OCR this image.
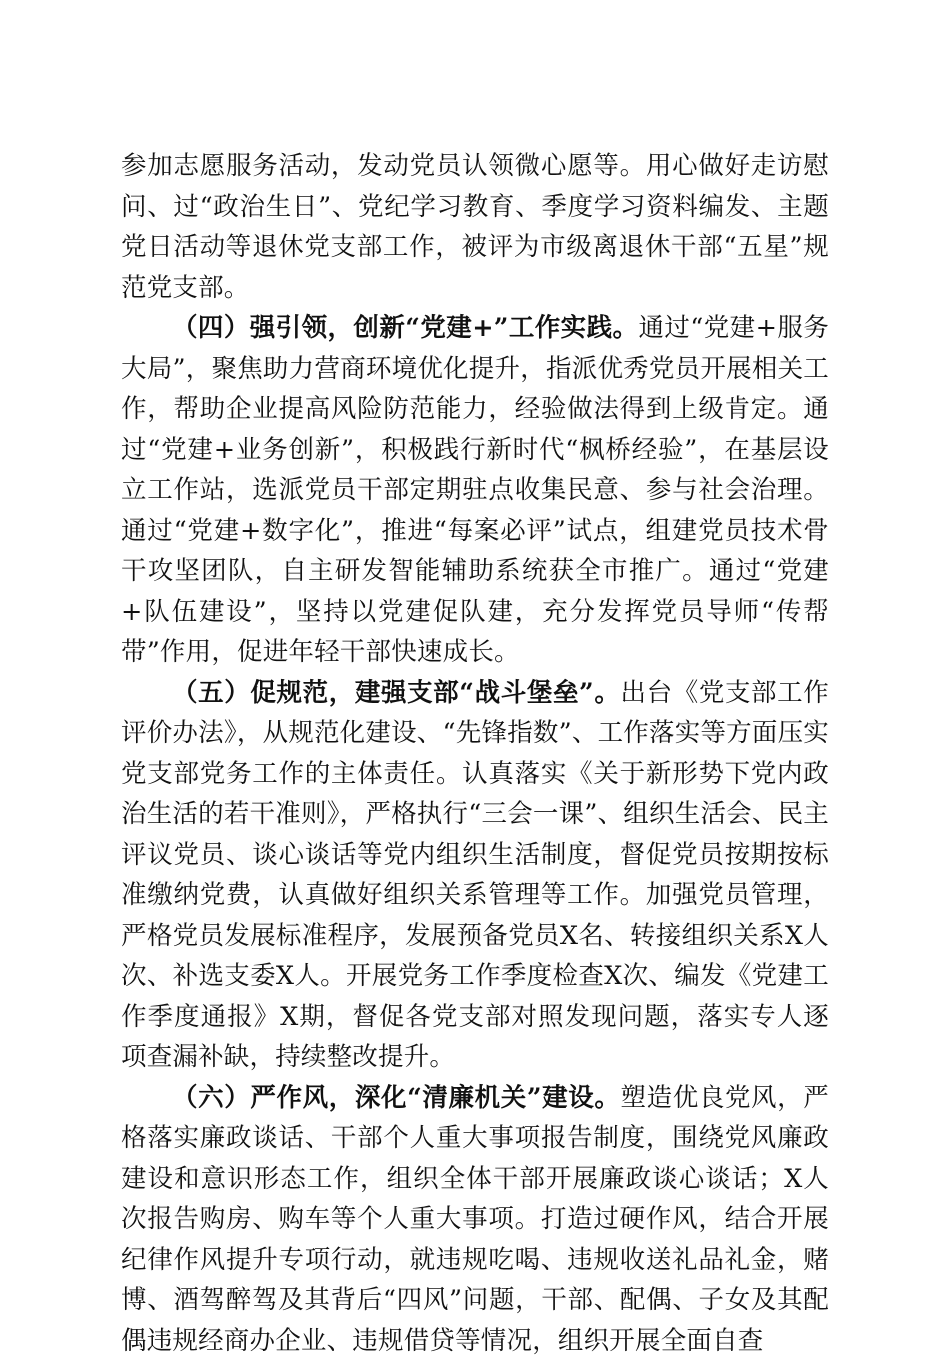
参加志愿服务活动，发动党员认领微心愿等。用心做好走访慰问、过“政治生日”、党纪学习教育、季度学习资料编发、主题党日活动等退休党支部工作，被评为市级离退休干部“五星”规范党支部。

（四）强引领，创新“党建+”工作实践。通过“党建+服务大局”，聚焦助力营商环境优化提升，指派优秀党员开展相关工作，帮助企业提高风险防范能力，经验做法得到上级肯定。通过“党建+业务创新”，积极践行新时代“枫桥经验”，在基层设立工作站，选派党员干部定期驻点收集民意、参与社会治理。通过“党建+数字化”，推进“每案必评”试点，组建党员技术骨干攻坚团队，自主研发智能辅助系统获全市推广。通过“党建+队伍建设”，坚持以党建促队建，充分发挥党员导师“传帮带”作用，促进年轻干部快速成长。

（五）促规范，建强支部“战斗堡垒”。出台《党支部工作评价办法》，从规范化建设、“先锋指数”、工作落实等方面压实党支部党务工作的主体责任。认真落实《关于新形势下党内政治生活的若干准则》，严格执行“三会一课”、组织生活会、民主评议党员、谈心谈话等党内组织生活制度，督促党员按期按标准缴纳党费，认真做好组织关系管理等工作。加强党员管理，严格党员发展标准程序，发展预备党员X名、转接组织关系X人次、补选支委X人。开展党务工作季度检查X次、编发《党建工作季度通报》X期，督促各党支部对照发现问题，落实专人逐项查漏补缺，持续整改提升。

（六）严作风，深化“清廉机关”建设。塑造优良党风，严格落实廉政谈话、干部个人重大事项报告制度，围绕党风廉政建设和意识形态工作，组织全体干部开展廉政谈心谈话；X人次报告购房、购车等个人重大事项。打造过硬作风，结合开展纪律作风提升专项行动，就违规吃喝、违规收送礼品礼金，赌博、酒驾醉驾及其背后“四风”问题，干部、配偶、子女及其配偶违规经商办企业、违规借贷等情况，组织开展全面自查
